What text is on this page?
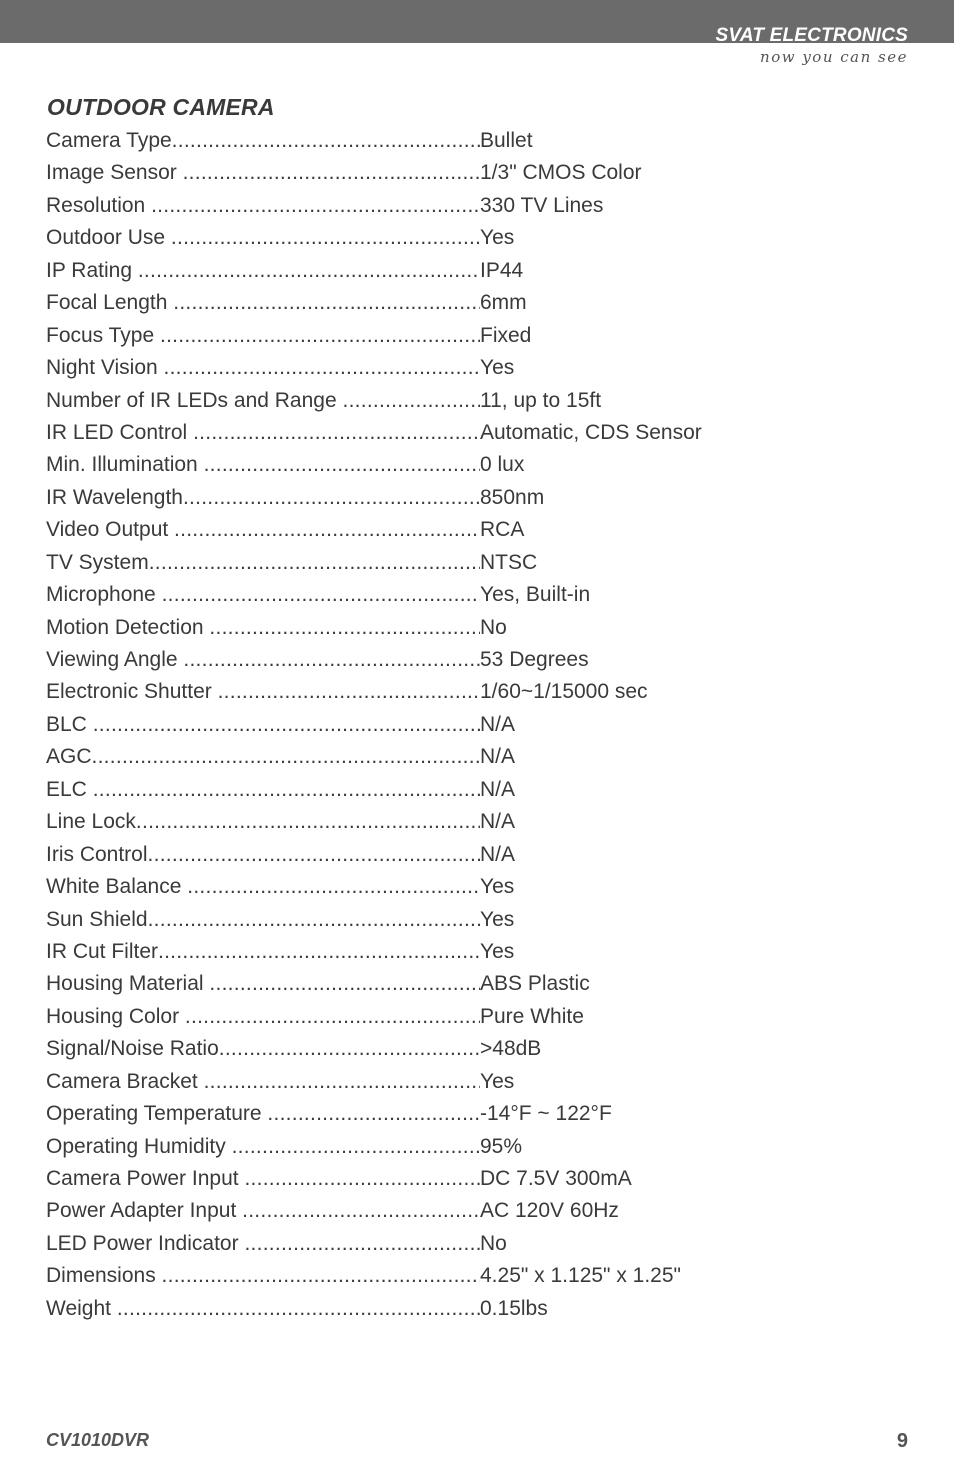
SVAT ELECTRONICS
now you can see
OUTDOOR CAMERA
Camera Type .....	Bullet
Image Sensor .....	1/3" CMOS Color
Resolution .....	330 TV Lines
Outdoor Use .....	Yes
IP Rating .....	IP44
Focal Length .....	6mm
Focus Type .....	Fixed
Night Vision .....	Yes
Number of IR LEDs and Range .....	11, up to 15ft
IR LED Control .....	Automatic, CDS Sensor
Min. Illumination .....	0 lux
IR Wavelength .....	850nm
Video Output .....	RCA
TV System .....	NTSC
Microphone .....	Yes, Built-in
Motion Detection .....	No
Viewing Angle .....	53 Degrees
Electronic Shutter .....	1/60~1/15000 sec
BLC .....	N/A
AGC .....	N/A
ELC .....	N/A
Line Lock .....	N/A
Iris Control .....	N/A
White Balance .....	Yes
Sun Shield .....	Yes
IR Cut Filter .....	Yes
Housing Material .....	ABS Plastic
Housing Color .....	Pure White
Signal/Noise Ratio .....	>48dB
Camera Bracket .....	Yes
Operating Temperature .....	-14°F ~ 122°F
Operating Humidity .....	95%
Camera Power Input .....	DC 7.5V 300mA
Power Adapter Input .....	AC 120V 60Hz
LED Power Indicator .....	No
Dimensions .....	4.25" x 1.125" x 1.25"
Weight .....	0.15lbs
CV1010DVR	9
